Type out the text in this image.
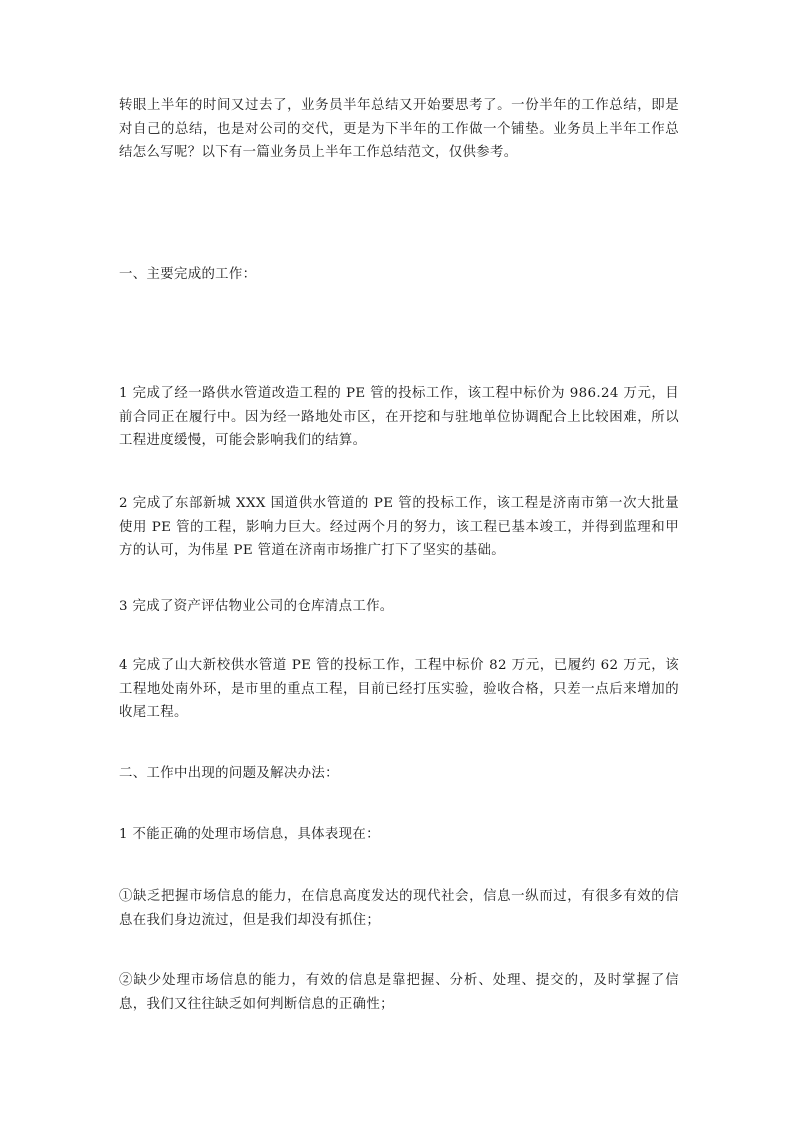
转眼上半年的时间又过去了，业务员半年总结又开始要思考了。一份半年的工作总结，即是对自己的总结，也是对公司的交代，更是为下半年的工作做一个铺垫。业务员上半年工作总结怎么写呢？以下有一篇业务员上半年工作总结范文，仅供参考。

一、主要完成的工作：

1 完成了经一路供水管道改造工程的 PE 管的投标工作，该工程中标价为 986.24 万元，目前合同正在履行中。因为经一路地处市区，在开挖和与驻地单位协调配合上比较困难，所以工程进度缓慢，可能会影响我们的结算。

2 完成了东部新城 XXX 国道供水管道的 PE 管的投标工作，该工程是济南市第一次大批量使用 PE 管的工程，影响力巨大。经过两个月的努力，该工程已基本竣工，并得到监理和甲方的认可，为伟星 PE 管道在济南市场推广打下了坚实的基础。

3 完成了资产评估物业公司的仓库清点工作。

4 完成了山大新校供水管道 PE 管的投标工作，工程中标价 82 万元，已履约 62 万元，该工程地处南外环，是市里的重点工程，目前已经打压实验，验收合格，只差一点后来增加的收尾工程。

二、工作中出现的问题及解决办法：

1 不能正确的处理市场信息，具体表现在：

①缺乏把握市场信息的能力，在信息高度发达的现代社会，信息一纵而过，有很多有效的信息在我们身边流过，但是我们却没有抓住；

②缺少处理市场信息的能力，有效的信息是靠把握、分析、处理、提交的，及时掌握了信息，我们又往往缺乏如何判断信息的正确性；
